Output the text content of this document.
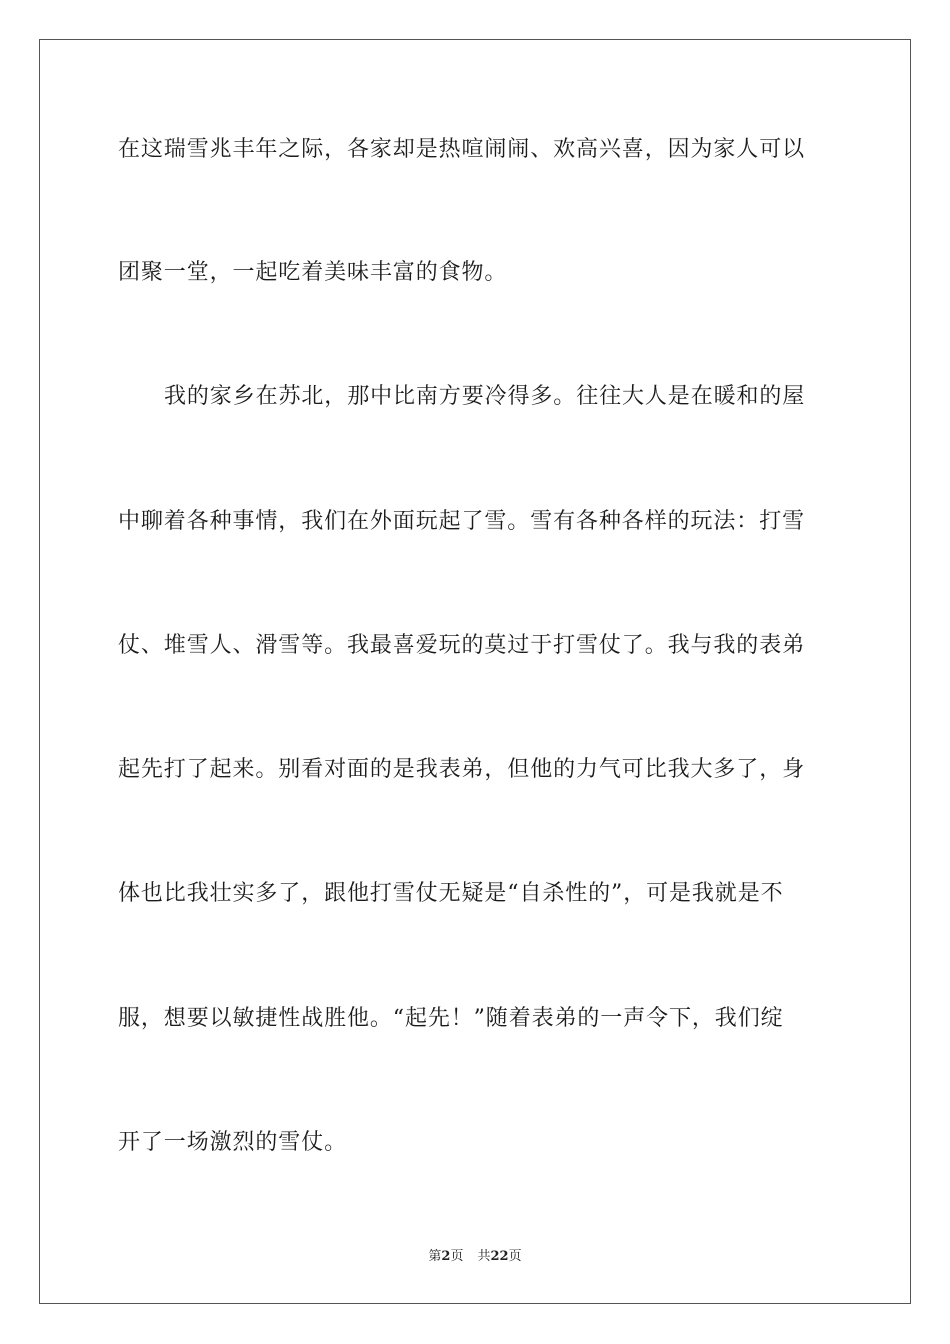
在这瑞雪兆丰年之际，各家却是热喧闹闹、欢高兴喜，因为家人可以
团聚一堂，一起吃着美味丰富的食物。
我的家乡在苏北，那中比南方要冷得多。往往大人是在暖和的屋
中聊着各种事情，我们在外面玩起了雪。雪有各种各样的玩法：打雪
仗、堆雪人、滑雪等。我最喜爱玩的莫过于打雪仗了。我与我的表弟
起先打了起来。别看对面的是我表弟，但他的力气可比我大多了，身
体也比我壮实多了，跟他打雪仗无疑是“自杀性的”，可是我就是不
服，想要以敏捷性战胜他。“起先！”随着表弟的一声令下，我们绽
开了一场激烈的雪仗。
第2页 共22页
